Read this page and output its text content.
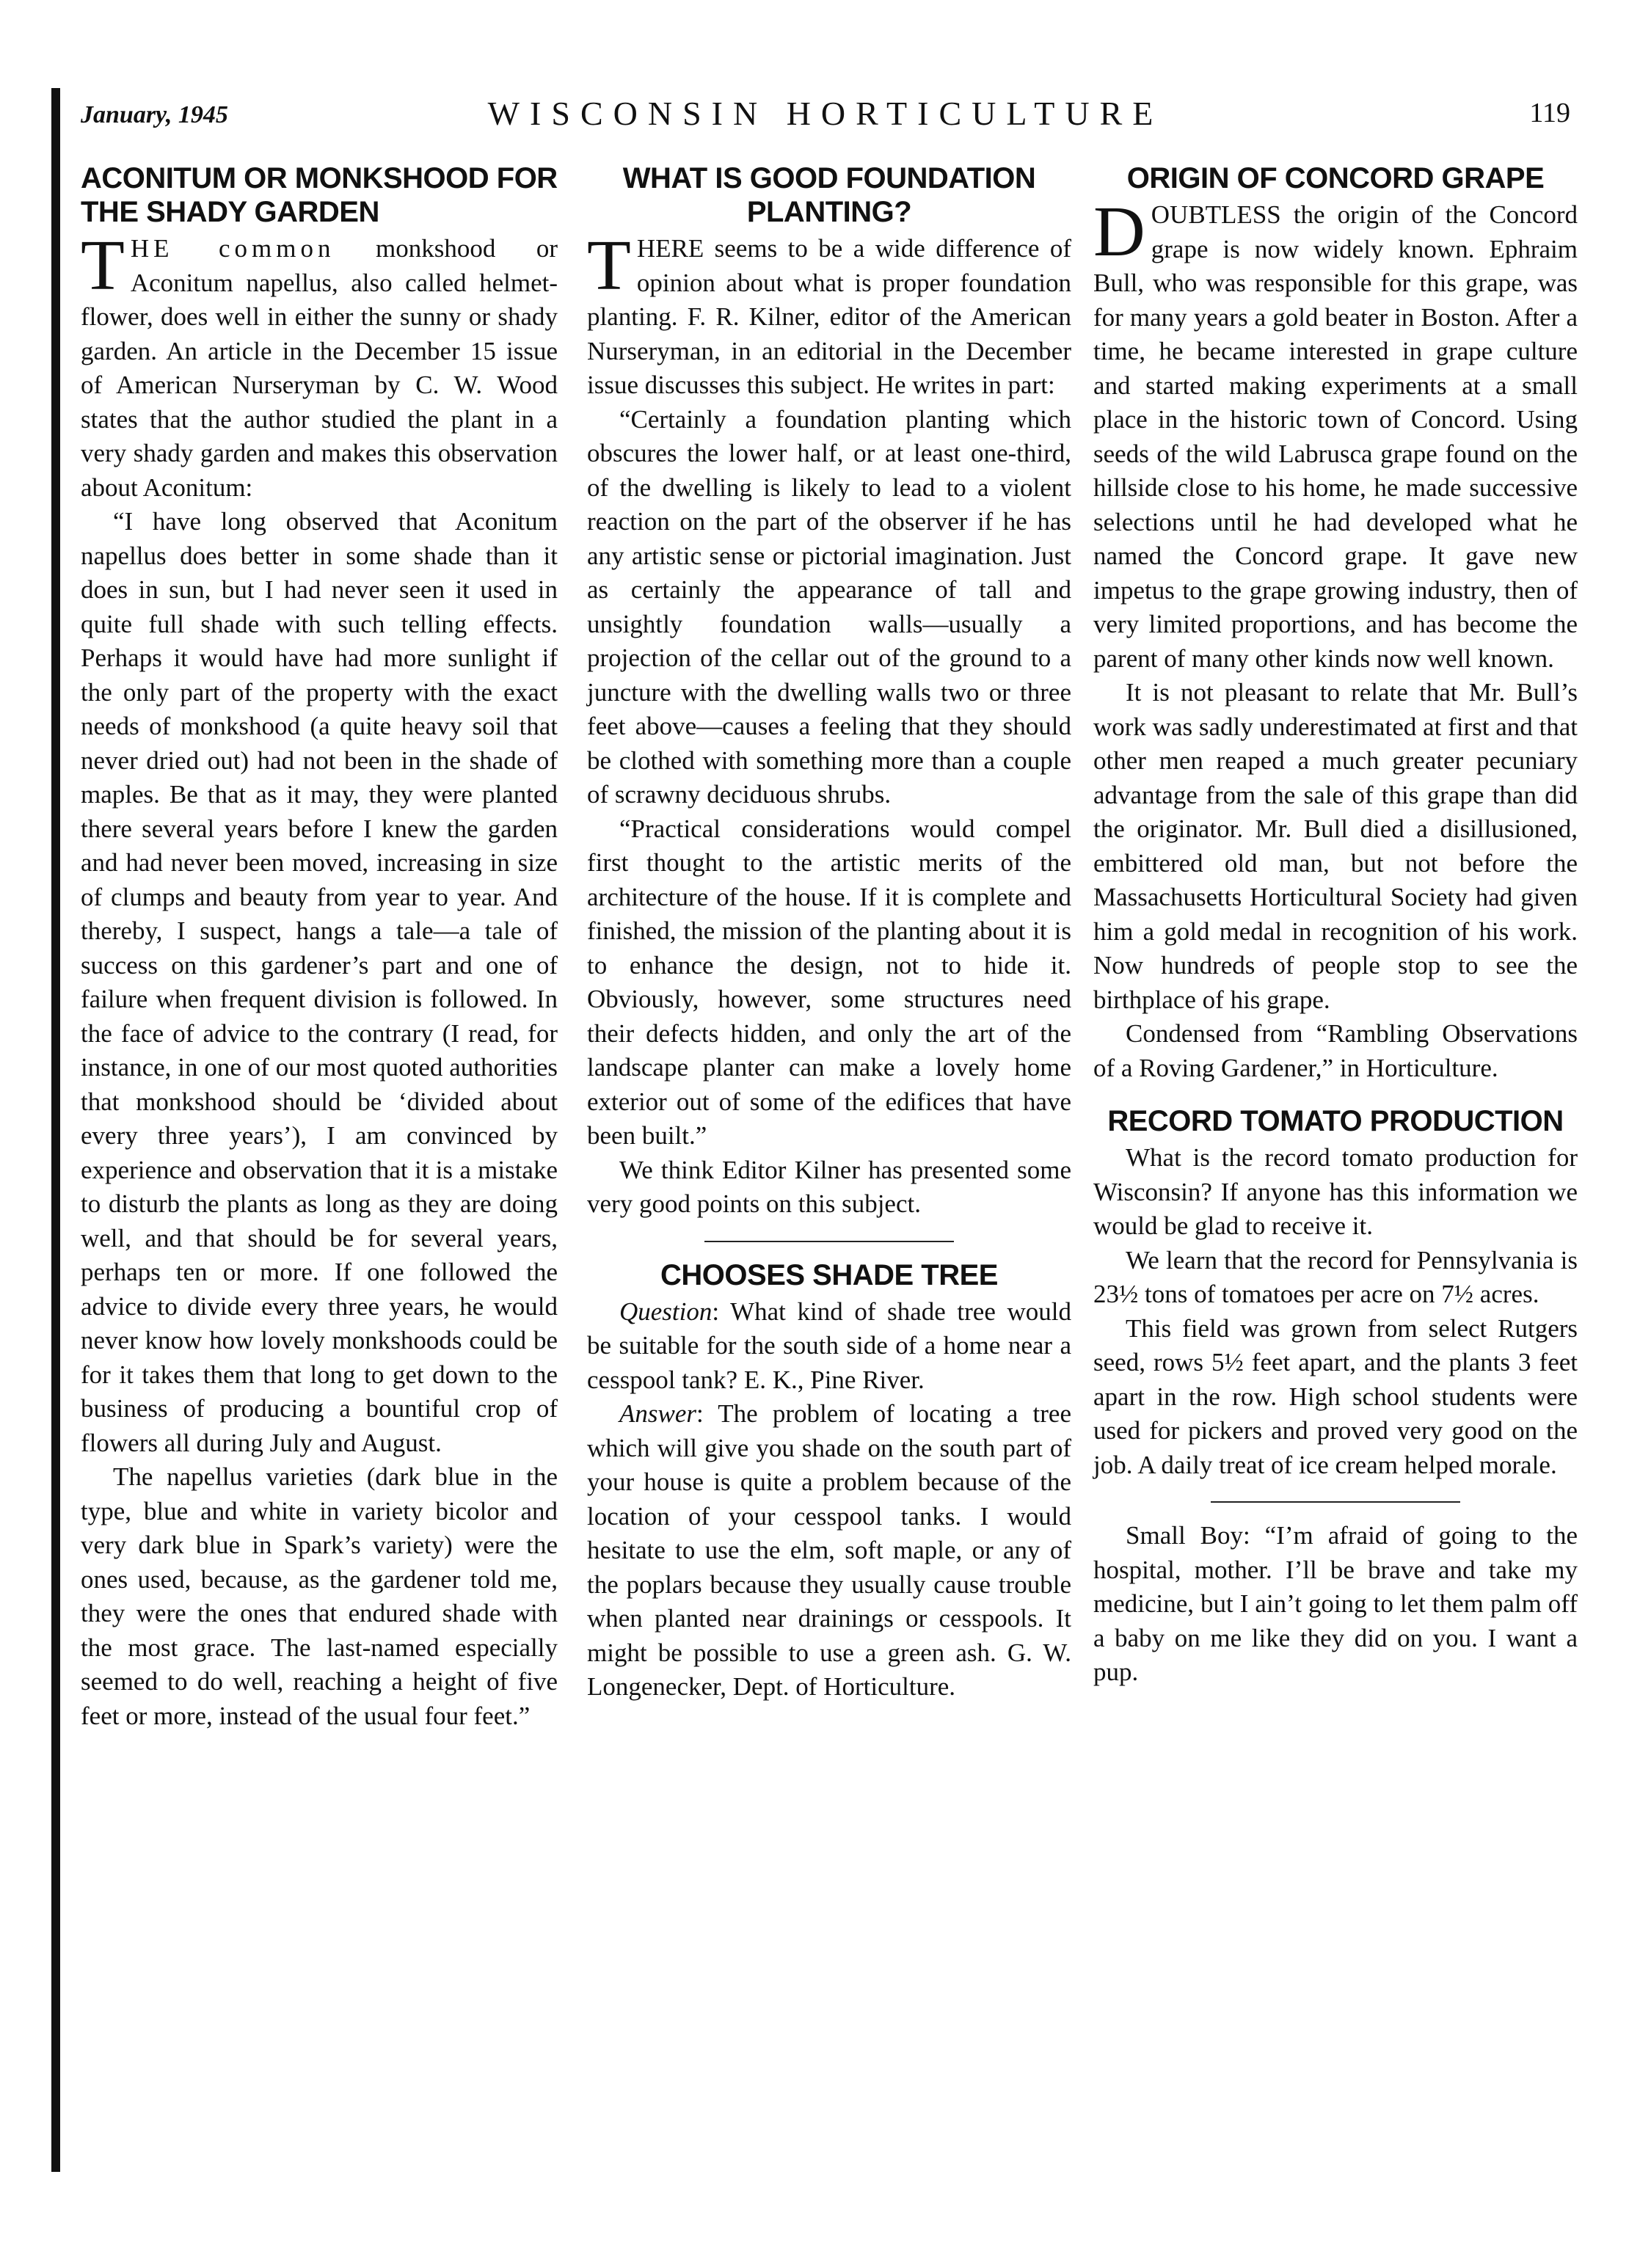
January, 1945	WISCONSIN HORTICULTURE	119
ACONITUM OR MONKSHOOD FOR THE SHADY GARDEN

THE common monkshood or Aconitum napellus, also called helmet-flower, does well in either the sunny or shady garden. An article in the December 15 issue of American Nurseryman by C. W. Wood states that the author studied the plant in a very shady garden and makes this observation about Aconitum:

“I have long observed that Aconitum napellus does better in some shade than it does in sun, but I had never seen it used in quite full shade with such telling effects. Perhaps it would have had more sunlight if the only part of the property with the exact needs of monkshood (a quite heavy soil that never dried out) had not been in the shade of maples. Be that as it may, they were planted there several years before I knew the garden and had never been moved, increasing in size of clumps and beauty from year to year. And thereby, I suspect, hangs a tale—a tale of success on this gardener’s part and one of failure when frequent division is followed. In the face of advice to the contrary (I read, for instance, in one of our most quoted authorities that monkshood should be ‘divided about every three years’), I am convinced by experience and observation that it is a mistake to disturb the plants as long as they are doing well, and that should be for several years, perhaps ten or more. If one followed the advice to divide every three years, he would never know how lovely monkshoods could be for it takes them that long to get down to the business of producing a bountiful crop of flowers all during July and August.

The napellus varieties (dark blue in the type, blue and white in variety bicolor and very dark blue in Spark’s variety) were the ones used, because, as the gardener told me, they were the ones that endured shade with the most grace. The last-named especially seemed to do well, reaching a height of five feet or more, instead of the usual four feet.”

WHAT IS GOOD FOUNDATION PLANTING?

THERE seems to be a wide difference of opinion about what is proper foundation planting. F. R. Kilner, editor of the American Nurseryman, in an editorial in the December issue discusses this subject. He writes in part:

“Certainly a foundation planting which obscures the lower half, or at least one-third, of the dwelling is likely to lead to a violent reaction on the part of the observer if he has any artistic sense or pictorial imagination. Just as certainly the appearance of tall and unsightly foundation walls—usually a projection of the cellar out of the ground to a juncture with the dwelling walls two or three feet above—causes a feeling that they should be clothed with something more than a couple of scrawny deciduous shrubs.

“Practical considerations would compel first thought to the artistic merits of the architecture of the house. If it is complete and finished, the mission of the planting about it is to enhance the design, not to hide it. Obviously, however, some structures need their defects hidden, and only the art of the landscape planter can make a lovely home exterior out of some of the edifices that have been built.”

We think Editor Kilner has presented some very good points on this subject.

CHOOSES SHADE TREE

Question: What kind of shade tree would be suitable for the south side of a home near a cesspool tank? E. K., Pine River.

Answer: The problem of locating a tree which will give you shade on the south part of your house is quite a problem because of the location of your cesspool tanks. I would hesitate to use the elm, soft maple, or any of the poplars because they usually cause trouble when planted near drainings or cesspools. It might be possible to use a green ash. G. W. Longenecker, Dept. of Horticulture.

ORIGIN OF CONCORD GRAPE

DOUBTLESS the origin of the Concord grape is now widely known. Ephraim Bull, who was responsible for this grape, was for many years a gold beater in Boston. After a time, he became interested in grape culture and started making experiments at a small place in the historic town of Concord. Using seeds of the wild Labrusca grape found on the hillside close to his home, he made successive selections until he had developed what he named the Concord grape. It gave new impetus to the grape growing industry, then of very limited proportions, and has become the parent of many other kinds now well known.

It is not pleasant to relate that Mr. Bull’s work was sadly underestimated at first and that other men reaped a much greater pecuniary advantage from the sale of this grape than did the originator. Mr. Bull died a disillusioned, embittered old man, but not before the Massachusetts Horticultural Society had given him a gold medal in recognition of his work. Now hundreds of people stop to see the birthplace of his grape.

Condensed from “Rambling Observations of a Roving Gardener,” in Horticulture.

RECORD TOMATO PRODUCTION

What is the record tomato production for Wisconsin? If anyone has this information we would be glad to receive it.

We learn that the record for Pennsylvania is 23½ tons of tomatoes per acre on 7½ acres.

This field was grown from select Rutgers seed, rows 5½ feet apart, and the plants 3 feet apart in the row. High school students were used for pickers and proved very good on the job. A daily treat of ice cream helped morale.

Small Boy: “I’m afraid of going to the hospital, mother. I’ll be brave and take my medicine, but I ain’t going to let them palm off a baby on me like they did on you. I want a pup.
